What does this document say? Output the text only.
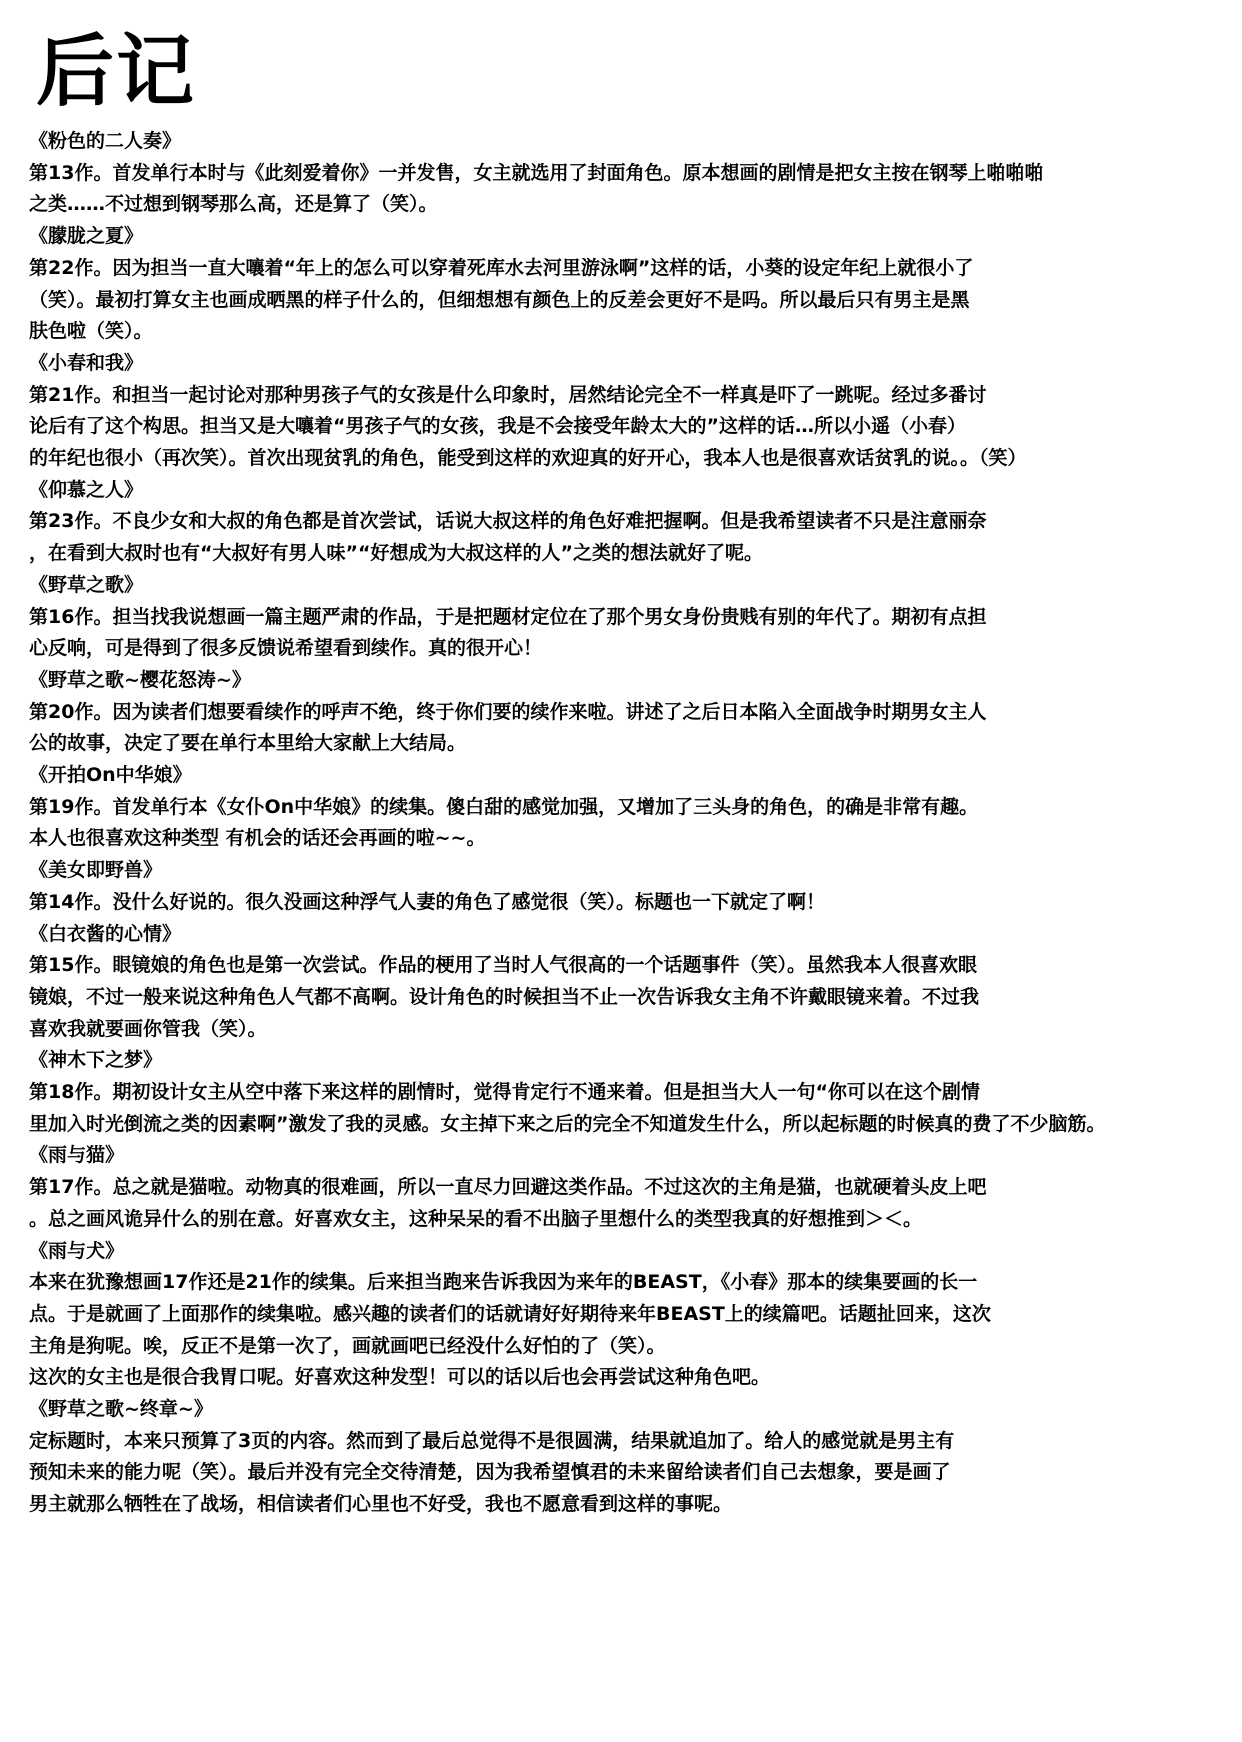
后记
《粉色的二人奏》
第13作。首发单行本时与《此刻爱着你》一并发售，女主就选用了封面角色。原本想画的剧情是把女主按在钢琴上啪啪啪
之类……不过想到钢琴那么高，还是算了（笑）。
《朦胧之夏》
第22作。因为担当一直大嚷着“年上的怎么可以穿着死库水去河里游泳啊”这样的话，小葵的设定年纪上就很小了
（笑）。最初打算女主也画成晒黑的样子什么的，但细想想有颜色上的反差会更好不是吗。所以最后只有男主是黑
肤色啦（笑）。
《小春和我》
第21作。和担当一起讨论对那种男孩子气的女孩是什么印象时，居然结论完全不一样真是吓了一跳呢。经过多番讨
论后有了这个构思。担当又是大嚷着“男孩子气的女孩，我是不会接受年龄太大的”这样的话…所以小遥（小春）
的年纪也很小（再次笑）。首次出现贫乳的角色，能受到这样的欢迎真的好开心，我本人也是很喜欢话贫乳的说。。（笑）
《仰慕之人》
第23作。不良少女和大叔的角色都是首次尝试，话说大叔这样的角色好难把握啊。但是我希望读者不只是注意丽奈
，在看到大叔时也有“大叔好有男人味”“好想成为大叔这样的人”之类的想法就好了呢。
《野草之歌》
第16作。担当找我说想画一篇主题严肃的作品，于是把题材定位在了那个男女身份贵贱有别的年代了。期初有点担
心反响，可是得到了很多反馈说希望看到续作。真的很开心！
《野草之歌~樱花怒涛~》
第20作。因为读者们想要看续作的呼声不绝，终于你们要的续作来啦。讲述了之后日本陷入全面战争时期男女主人
公的故事，决定了要在单行本里给大家献上大结局。
《开拍On中华娘》
第19作。首发单行本《女仆On中华娘》的续集。傻白甜的感觉加强，又增加了三头身的角色，的确是非常有趣。
本人也很喜欢这种类型 有机会的话还会再画的啦~~。
《美女即野兽》
第14作。没什么好说的。很久没画这种浮气人妻的角色了感觉很（笑）。标题也一下就定了啊！
《白衣酱的心情》
第15作。眼镜娘的角色也是第一次尝试。作品的梗用了当时人气很高的一个话题事件（笑）。虽然我本人很喜欢眼
镜娘，不过一般来说这种角色人气都不高啊。设计角色的时候担当不止一次告诉我女主角不许戴眼镜来着。不过我
喜欢我就要画你管我（笑）。
《神木下之梦》
第18作。期初设计女主从空中落下来这样的剧情时，觉得肯定行不通来着。但是担当大人一句“你可以在这个剧情
里加入时光倒流之类的因素啊”激发了我的灵感。女主掉下来之后的完全不知道发生什么，所以起标题的时候真的费了不少脑筋。
《雨与猫》
第17作。总之就是猫啦。动物真的很难画，所以一直尽力回避这类作品。不过这次的主角是猫，也就硬着头皮上吧
。总之画风诡异什么的别在意。好喜欢女主，这种呆呆的看不出脑子里想什么的类型我真的好想推到＞＜。
《雨与犬》
本来在犹豫想画17作还是21作的续集。后来担当跑来告诉我因为来年的BEAST，《小春》那本的续集要画的长一
点。于是就画了上面那作的续集啦。感兴趣的读者们的话就请好好期待来年BEAST上的续篇吧。话题扯回来，这次
主角是狗呢。唉，反正不是第一次了，画就画吧已经没什么好怕的了（笑）。
这次的女主也是很合我胃口呢。好喜欢这种发型！可以的话以后也会再尝试这种角色吧。
《野草之歌~终章~》
定标题时，本来只预算了3页的内容。然而到了最后总觉得不是很圆满，结果就追加了。给人的感觉就是男主有
预知未来的能力呢（笑）。最后并没有完全交待清楚，因为我希望慎君的未来留给读者们自己去想象，要是画了
男主就那么牺牲在了战场，相信读者们心里也不好受，我也不愿意看到这样的事呢。
